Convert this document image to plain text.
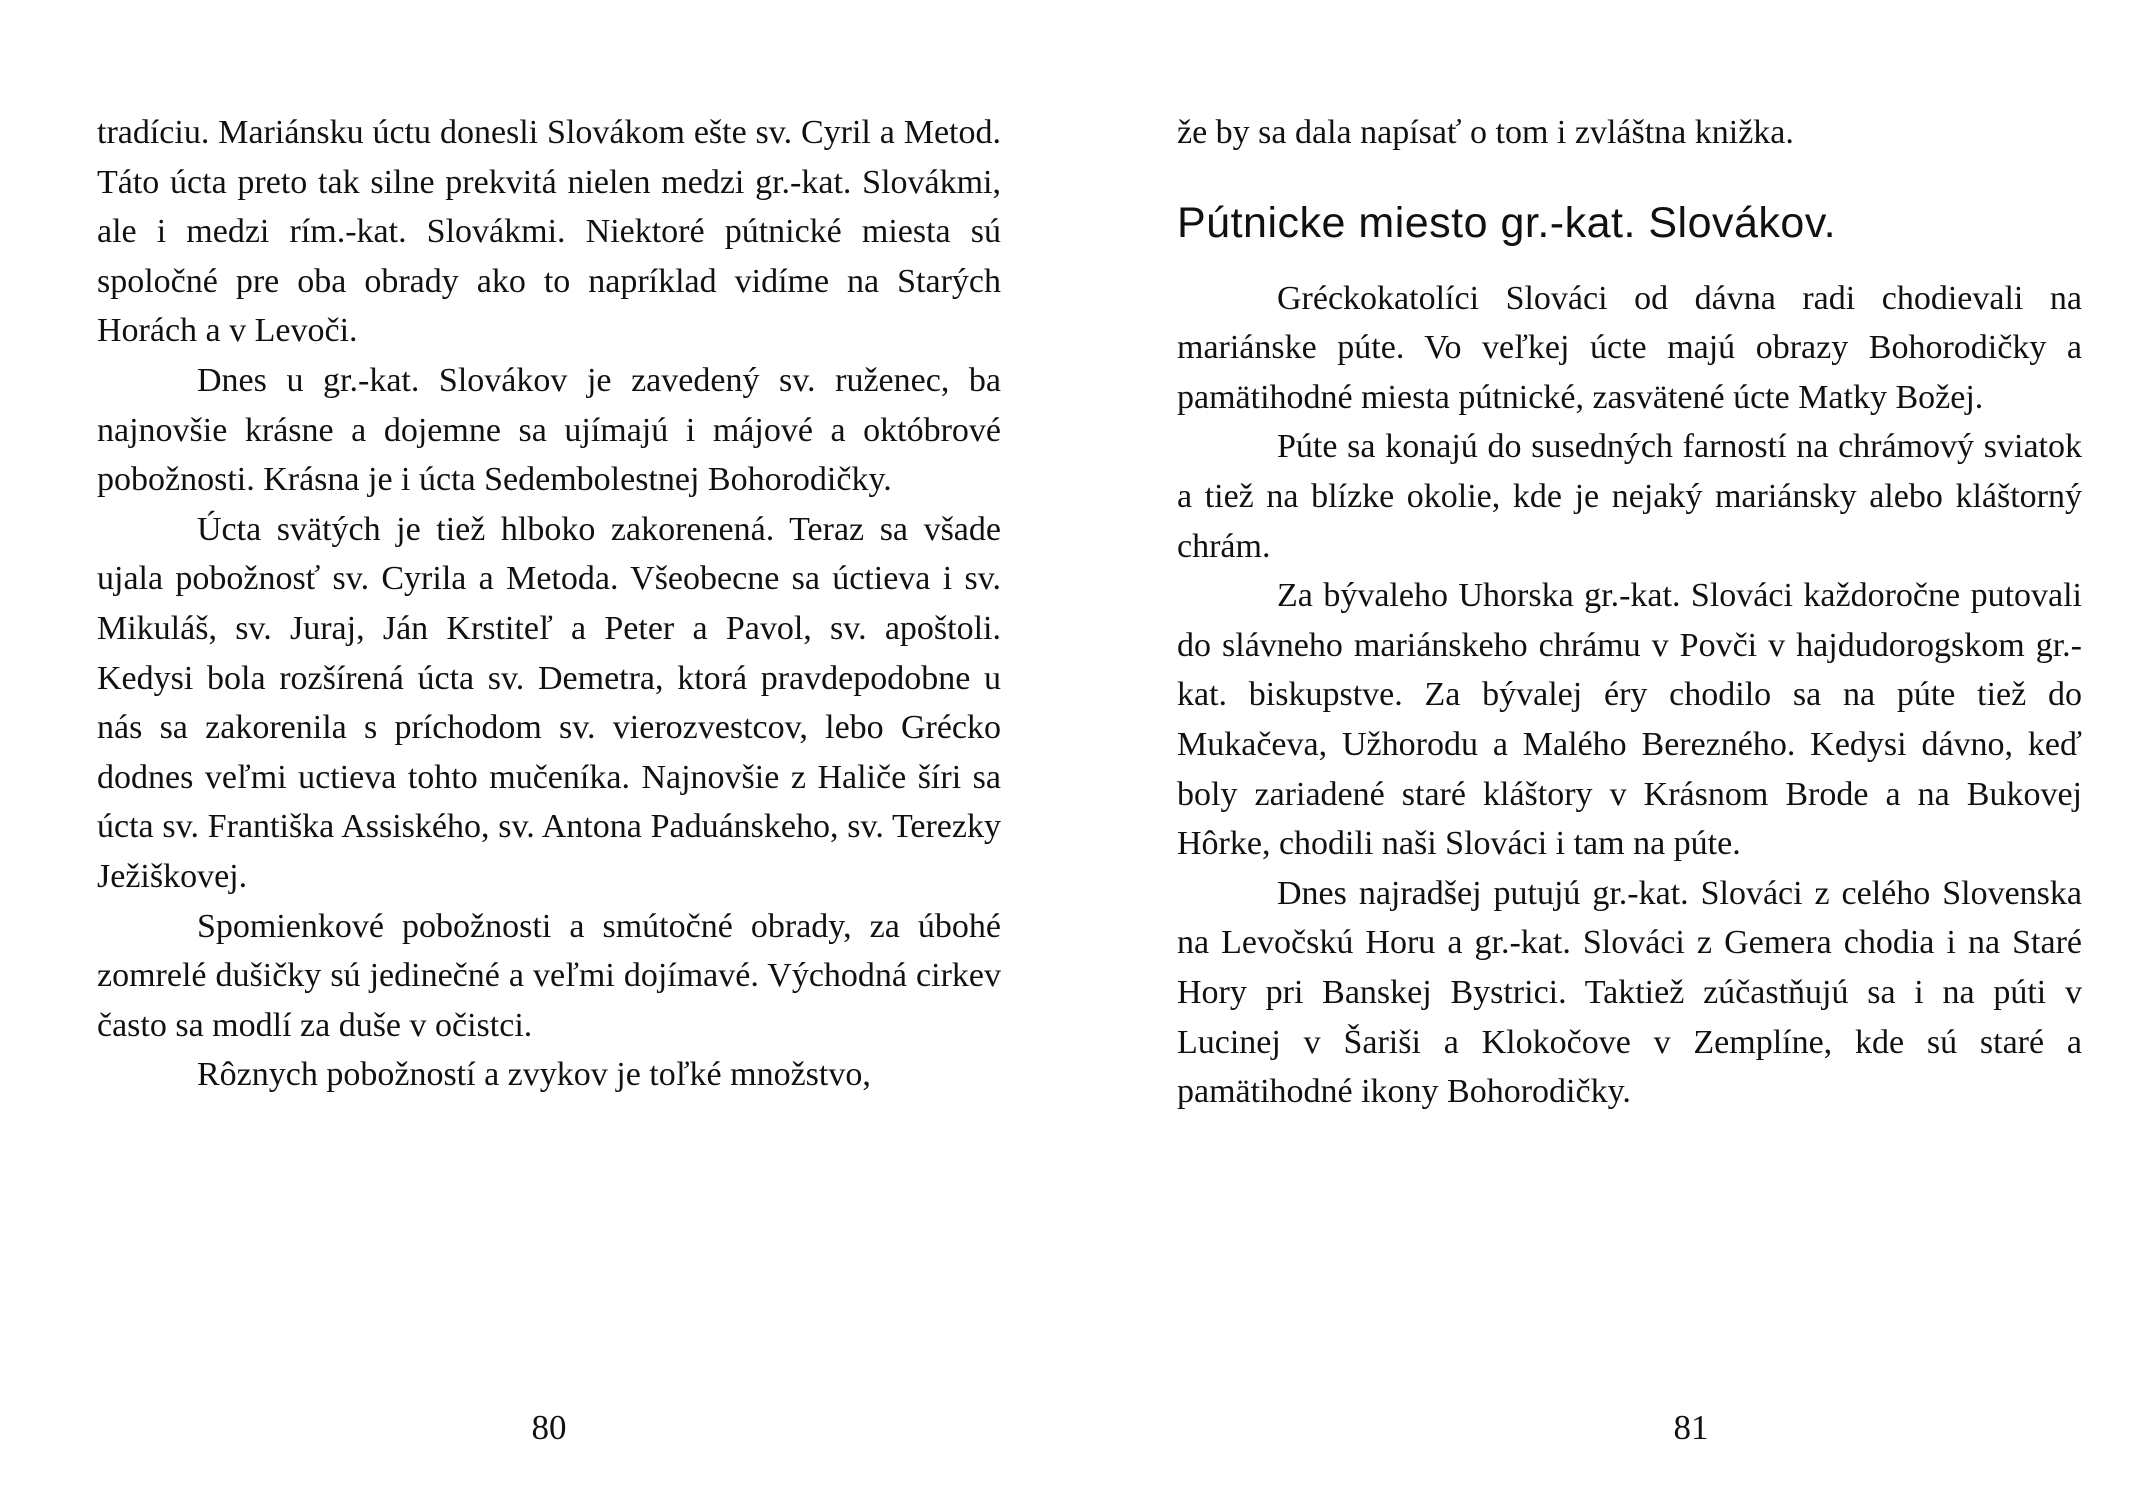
tradíciu. Mariánsku úctu donesli Slovákom ešte sv. Cyril a Metod. Táto úcta preto tak silne prekvitá nielen medzi gr.-kat. Slovákmi, ale i medzi rím.-kat. Slovákmi. Niektoré pútnické miesta sú spoločné pre oba obrady ako to napríklad vidíme na Starých Horách a v Levoči.

Dnes u gr.-kat. Slovákov je zavedený sv. ruženec, ba najnovšie krásne a dojemne sa ujímajú i májové a októbrové pobožnosti. Krásna je i úcta Sedembolestnej Bohorodičky.

Úcta svätých je tiež hlboko zakorenená. Teraz sa všade ujala pobožnosť sv. Cyrila a Metoda. Všeobecne sa úctieva i sv. Mikuláš, sv. Juraj, Ján Krstiteľ a Peter a Pavol, sv. apoštoli. Kedysi bola rozšírená úcta sv. Demetra, ktorá pravdepodobne u nás sa zakorenila s príchodom sv. vierozvestcov, lebo Grécko dodnes veľmi uctieva tohto mučeníka. Najnovšie z Haliče šíri sa úcta sv. Františka Assiského, sv. Antona Paduánskeho, sv. Terezky Ježiškovej.

Spomienkové pobožnosti a smútočné obrady, za úbohé zomrelé dušičky sú jedinečné a veľmi dojímavé. Východná cirkev často sa modlí za duše v očistci.

Rôznych pobožností a zvykov je toľké množstvo,

80

že by sa dala napísať o tom i zvláštna knižka.

Pútnicke miesto gr.-kat. Slovákov.

Gréckokatolíci Slováci od dávna radi chodievali na mariánske púte. Vo veľkej úcte majú obrazy Bohorodičky a pamätihodné miesta pútnické, zasvätené úcte Matky Božej.

Púte sa konajú do susedných farností na chrámový sviatok a tiež na blízke okolie, kde je nejaký mariánsky alebo kláštorný chrám.

Za bývaleho Uhorska gr.-kat. Slováci každoročne putovali do slávneho mariánskeho chrámu v Povči v hajdudorogskom gr.-kat. biskupstve. Za bývalej éry chodilo sa na púte tiež do Mukačeva, Užhorodu a Malého Berezného. Kedysi dávno, keď boly zariadené staré kláštory v Krásnom Brode a na Bukovej Hôrke, chodili naši Slováci i tam na púte.

Dnes najradšej putujú gr.-kat. Slováci z celého Slovenska na Levočskú Horu a gr.-kat. Slováci z Gemera chodia i na Staré Hory pri Banskej Bystrici. Taktiež zúčastňujú sa i na púti v Lucinej v Šariši a Klokočove v Zemplíne, kde sú staré a pamätihodné ikony Bohorodičky.

81
